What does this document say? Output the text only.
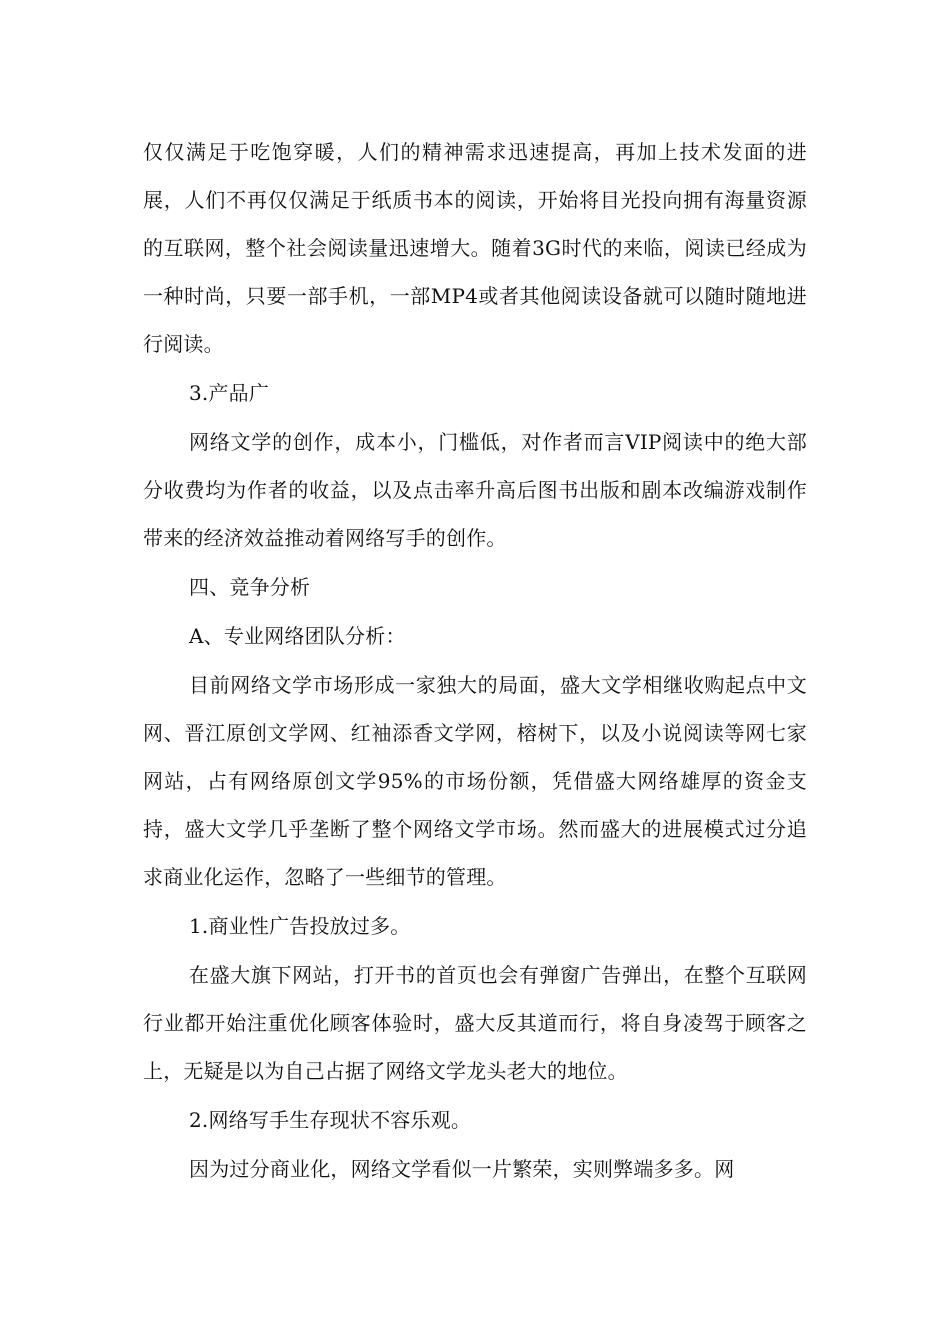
仅仅满足于吃饱穿暖，人们的精神需求迅速提高，再加上技术发面的进展，人们不再仅仅满足于纸质书本的阅读，开始将目光投向拥有海量资源的互联网，整个社会阅读量迅速增大。随着3G时代的来临，阅读已经成为一种时尚，只要一部手机，一部MP4或者其他阅读设备就可以随时随地进行阅读。

3.产品广

网络文学的创作，成本小，门槛低，对作者而言VIP阅读中的绝大部分收费均为作者的收益，以及点击率升高后图书出版和剧本改编游戏制作带来的经济效益推动着网络写手的创作。

四、竞争分析

A、专业网络团队分析：

目前网络文学市场形成一家独大的局面，盛大文学相继收购起点中文网、晋江原创文学网、红袖添香文学网，榕树下，以及小说阅读等网七家网站，占有网络原创文学95%的市场份额，凭借盛大网络雄厚的资金支持，盛大文学几乎垄断了整个网络文学市场。然而盛大的进展模式过分追求商业化运作，忽略了一些细节的管理。

1.商业性广告投放过多。

在盛大旗下网站，打开书的首页也会有弹窗广告弹出，在整个互联网行业都开始注重优化顾客体验时，盛大反其道而行，将自身凌驾于顾客之上，无疑是以为自己占据了网络文学龙头老大的地位。

2.网络写手生存现状不容乐观。

因为过分商业化，网络文学看似一片繁荣，实则弊端多多。网
